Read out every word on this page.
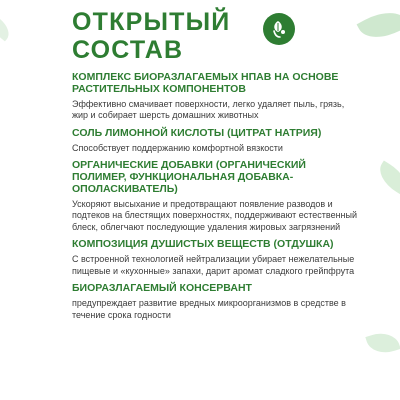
ОТКРЫТЫЙ
СОСТАВ

КОМПЛЕКС БИОРАЗЛАГАЕМЫХ НПАВ НА ОСНОВЕ РАСТИТЕЛЬНЫХ КОМПОНЕНТОВ

Эффективно смачивает поверхности, легко удаляет пыль, грязь, жир и собирает шерсть домашних животных

СОЛЬ ЛИМОННОЙ КИСЛОТЫ (ЦИТРАТ НАТРИЯ)

Способствует поддержанию комфортной вязкости

ОРГАНИЧЕСКИЕ ДОБАВКИ (ОРГАНИЧЕСКИЙ ПОЛИМЕР, ФУНКЦИОНАЛЬНАЯ ДОБАВКА-ОПОЛАСКИВАТЕЛЬ)

Ускоряют высыхание и предотвращают появление разводов и подтеков на блестящих поверхностях, поддерживают естественный блеск, облегчают последующие удаления жировых загрязнений

КОМПОЗИЦИЯ ДУШИСТЫХ ВЕЩЕСТВ (ОТДУШКА)

С встроенной технологией нейтрализации убирает нежелательные пищевые и «кухонные» запахи, дарит аромат сладкого грейпфрута

БИОРАЗЛАГАЕМЫЙ КОНСЕРВАНТ

предупреждает развитие вредных микроорганизмов в средстве в течение срока годности
